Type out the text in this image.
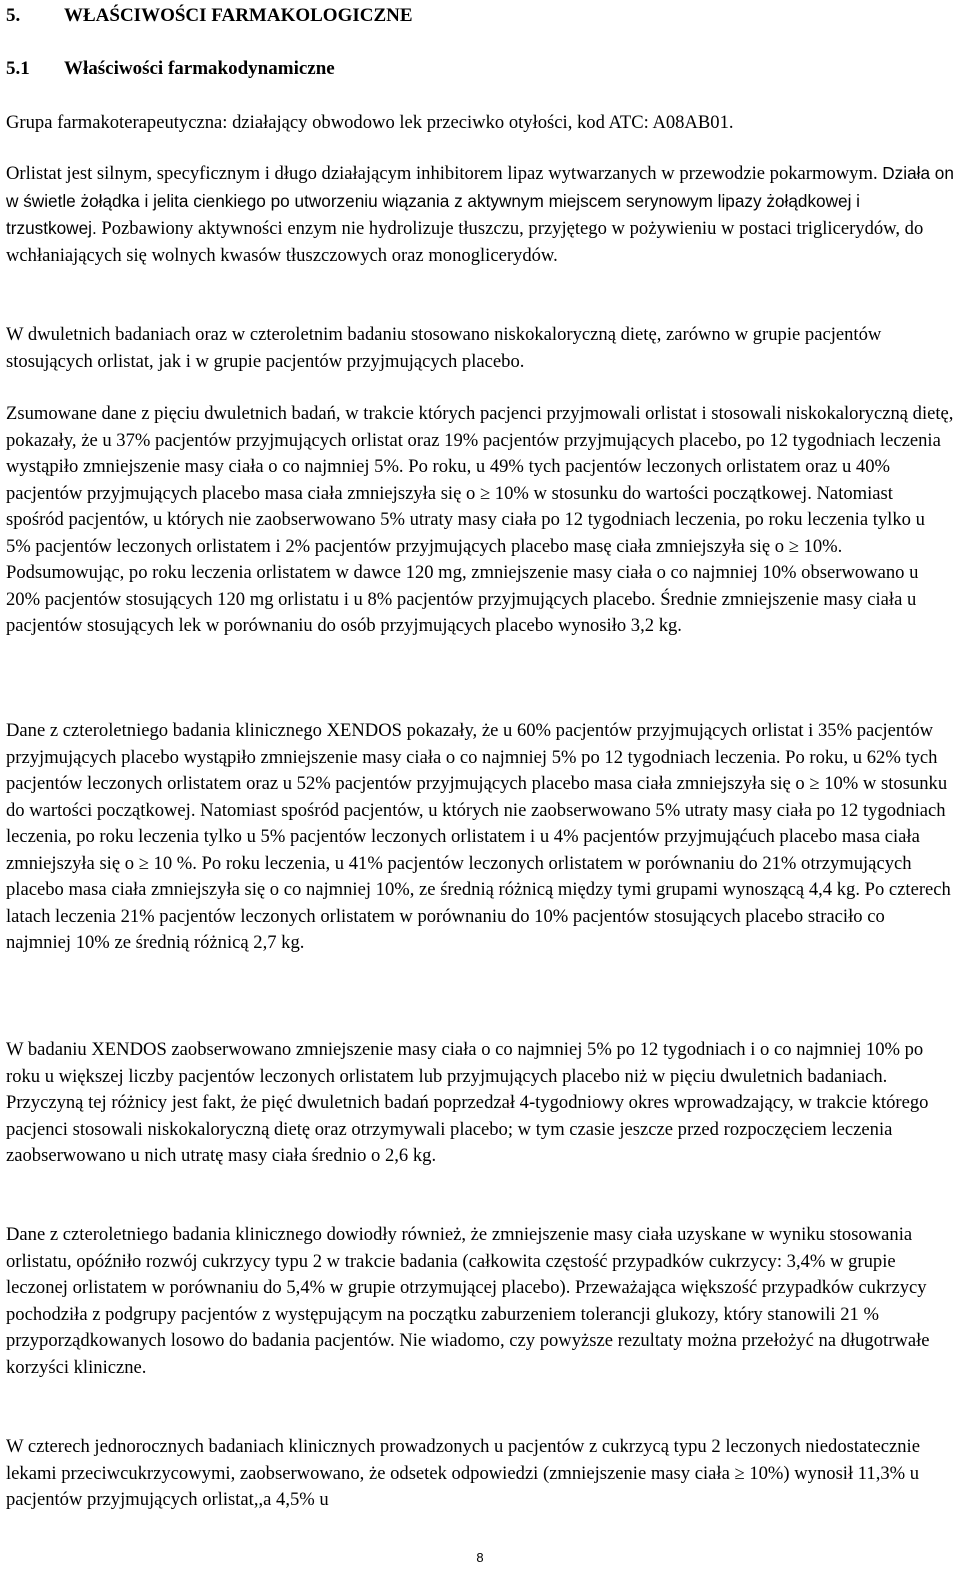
5. WŁAŚCIWOŚCI FARMAKOLOGICZNE
5.1 Właściwości farmakodynamiczne

Grupa farmakoterapeutyczna: działający obwodowo lek przeciwko otyłości, kod ATC: A08AB01.

Orlistat jest silnym, specyficznym i długo działającym inhibitorem lipaz wytwarzanych w przewodzie pokarmowym. Działa on w świetle żołądka i jelita cienkiego po utworzeniu wiązania z aktywnym miejscem serynowym lipazy żołądkowej i trzustkowej. Pozbawiony aktywności enzym nie hydrolizuje tłuszczu, przyjętego w pożywieniu w postaci triglicerydów, do wchłaniających się wolnych kwasów tłuszczowych oraz monoglicerydów.

W dwuletnich badaniach oraz w czteroletnim badaniu stosowano niskokaloryczną dietę, zarówno w grupie pacjentów stosujących orlistat, jak i w grupie pacjentów przyjmujących placebo.

Zsumowane dane z pięciu dwuletnich badań, w trakcie których pacjenci przyjmowali orlistat i stosowali niskokaloryczną dietę, pokazały, że u 37% pacjentów przyjmujących orlistat oraz 19% pacjentów przyjmujących placebo, po 12 tygodniach leczenia wystąpiło zmniejszenie masy ciała o co najmniej 5%. Po roku, u 49% tych pacjentów leczonych orlistatem oraz u 40% pacjentów przyjmujących placebo masa ciała zmniejszyła się o ≥ 10% w stosunku do wartości początkowej. Natomiast spośród pacjentów, u których nie zaobserwowano 5% utraty masy ciała po 12 tygodniach leczenia, po roku leczenia tylko u 5% pacjentów leczonych orlistatem i 2% pacjentów przyjmujących placebo masę ciała zmniejszyła się o ≥ 10%. Podsumowując, po roku leczenia orlistatem w dawce 120 mg, zmniejszenie masy ciała o co najmniej 10% obserwowano u 20% pacjentów stosujących 120 mg orlistatu i u 8% pacjentów przyjmujących placebo. Średnie zmniejszenie masy ciała u pacjentów stosujących lek w porównaniu do osób przyjmujących placebo wynosiło 3,2 kg.

Dane z czteroletniego badania klinicznego XENDOS pokazały, że u 60% pacjentów przyjmujących orlistat i 35% pacjentów przyjmujących placebo wystąpiło zmniejszenie masy ciała o co najmniej 5% po 12 tygodniach leczenia. Po roku, u 62% tych pacjentów leczonych orlistatem oraz u 52% pacjentów przyjmujących placebo masa ciała zmniejszyła się o ≥ 10% w stosunku do wartości początkowej. Natomiast spośród pacjentów, u których nie zaobserwowano 5% utraty masy ciała po 12 tygodniach leczenia, po roku leczenia tylko u 5% pacjentów leczonych orlistatem i u 4% pacjentów przyjmująćuch placebo masa ciała zmniejszyła się o ≥ 10 %. Po roku leczenia, u 41% pacjentów leczonych orlistatem w porównaniu do 21% otrzymujących placebo masa ciała zmniejszyła się o co najmniej 10%, ze średnią różnicą między tymi grupami wynoszącą 4,4 kg. Po czterech latach leczenia 21% pacjentów leczonych orlistatem w porównaniu do 10% pacjentów stosujących placebo straciło co najmniej 10% ze średnią różnicą 2,7 kg.

W badaniu XENDOS zaobserwowano zmniejszenie masy ciała o co najmniej 5% po 12 tygodniach i o co najmniej 10% po roku u większej liczby pacjentów leczonych orlistatem lub przyjmujących placebo niż w pięciu dwuletnich badaniach. Przyczyną tej różnicy jest fakt, że pięć dwuletnich badań poprzedzał 4-tygodniowy okres wprowadzający, w trakcie którego pacjenci stosowali niskokaloryczną dietę oraz otrzymywali placebo; w tym czasie jeszcze przed rozpoczęciem leczenia zaobserwowano u nich utratę masy ciała średnio o 2,6 kg.

Dane z czteroletniego badania klinicznego dowiodły również, że zmniejszenie masy ciała uzyskane w wyniku stosowania orlistatu, opóźniło rozwój cukrzycy typu 2 w trakcie badania (całkowita częstość przypadków cukrzycy: 3,4% w grupie leczonej orlistatem w porównaniu do 5,4% w grupie otrzymującej placebo). Przeważająca większość przypadków cukrzycy pochodziła z podgrupy pacjentów z występującym na początku zaburzeniem tolerancji glukozy, który stanowili 21 % przyporządkowanych losowo do badania pacjentów. Nie wiadomo, czy powyższe rezultaty można przełożyć na długotrwałe korzyści kliniczne.

W czterech jednorocznych badaniach klinicznych prowadzonych u pacjentów z cukrzycą typu 2 leczonych niedostatecznie lekami przeciwcukrzycowymi, zaobserwowano, że odsetek odpowiedzi (zmniejszenie masy ciała ≥ 10%) wynosił 11,3% u pacjentów przyjmujących orlistat,,a 4,5% u

8
